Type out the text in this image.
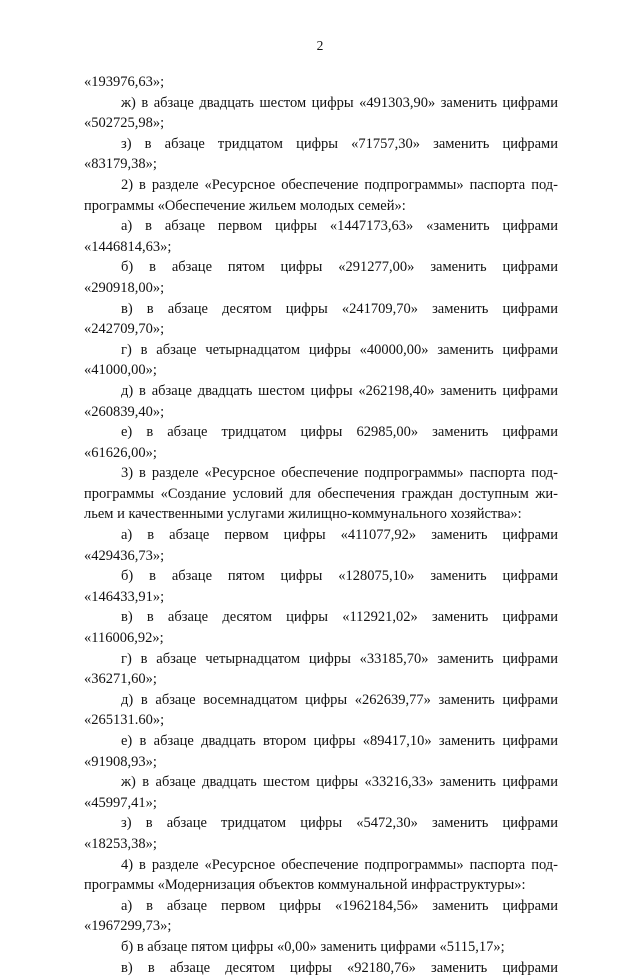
2
«193976,63»;
ж) в абзаце двадцать шестом цифры «491303,90» заменить цифрами
«502725,98»;
з) в абзаце тридцатом цифры «71757,30» заменить цифрами
«83179,38»;
2) в разделе «Ресурсное обеспечение подпрограммы» паспорта под-
программы «Обеспечение жильем молодых семей»:
а) в абзаце первом цифры «1447173,63» «заменить цифрами
«1446814,63»;
б) в абзаце пятом цифры «291277,00» заменить цифрами
«290918,00»;
в) в абзаце десятом цифры «241709,70» заменить цифрами
«242709,70»;
г) в абзаце четырнадцатом цифры «40000,00» заменить цифрами
«41000,00»;
д) в абзаце двадцать шестом цифры «262198,40» заменить цифрами
«260839,40»;
е) в абзаце тридцатом цифры 62985,00» заменить цифрами
«61626,00»;
3) в разделе «Ресурсное обеспечение подпрограммы» паспорта под-
программы «Создание условий для обеспечения граждан доступным жи-
льем и качественными услугами жилищно-коммунального хозяйства»:
а) в абзаце первом цифры «411077,92» заменить цифрами
«429436,73»;
б) в абзаце пятом цифры «128075,10» заменить цифрами
«146433,91»;
в) в абзаце десятом цифры «112921,02» заменить цифрами
«116006,92»;
г) в абзаце четырнадцатом цифры «33185,70» заменить цифрами
«36271,60»;
д) в абзаце восемнадцатом цифры «262639,77» заменить цифрами
«265131.60»;
е) в абзаце двадцать втором цифры «89417,10» заменить цифрами
«91908,93»;
ж) в абзаце двадцать шестом цифры «33216,33» заменить цифрами
«45997,41»;
з) в абзаце тридцатом цифры «5472,30» заменить цифрами
«18253,38»;
4) в разделе «Ресурсное обеспечение подпрограммы» паспорта под-
программы «Модернизация объектов коммунальной инфраструктуры»:
а) в абзаце первом цифры «1962184,56» заменить цифрами
«1967299,73»;
б) в абзаце пятом цифры «0,00» заменить цифрами «5115,17»;
в) в абзаце десятом цифры «92180,76» заменить цифрами
